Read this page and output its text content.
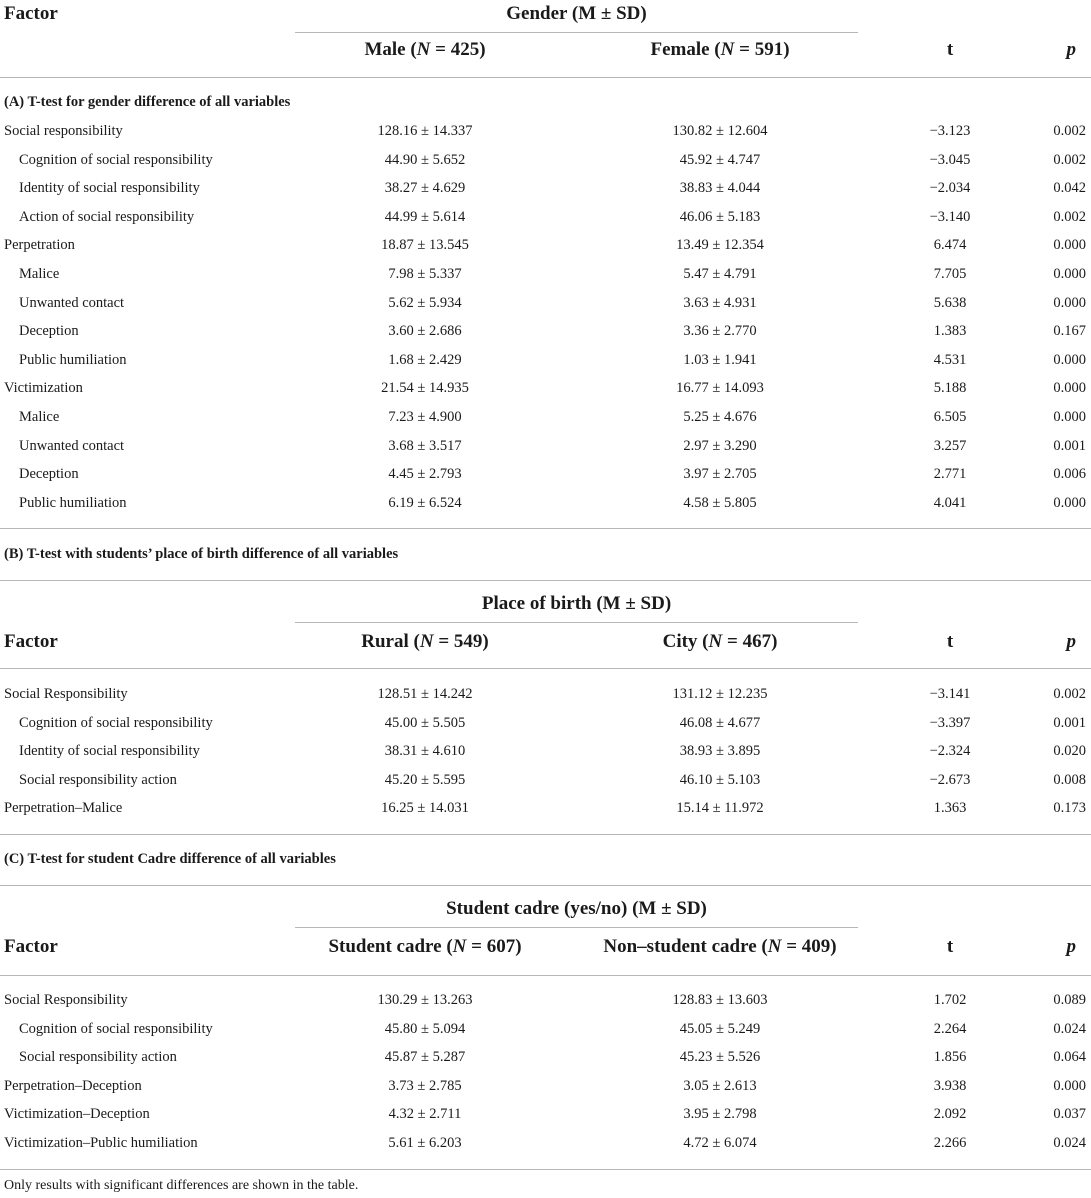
Factor	Gender (M ± SD)
Male (N = 425)	Female (N = 591)	t	p
(A) T-test for gender difference of all variables
Social responsibility	128.16 ± 14.337	130.82 ± 12.604	−3.123	0.002
Cognition of social responsibility	44.90 ± 5.652	45.92 ± 4.747	−3.045	0.002
Identity of social responsibility	38.27 ± 4.629	38.83 ± 4.044	−2.034	0.042
Action of social responsibility	44.99 ± 5.614	46.06 ± 5.183	−3.140	0.002
Perpetration	18.87 ± 13.545	13.49 ± 12.354	6.474	0.000
Malice	7.98 ± 5.337	5.47 ± 4.791	7.705	0.000
Unwanted contact	5.62 ± 5.934	3.63 ± 4.931	5.638	0.000
Deception	3.60 ± 2.686	3.36 ± 2.770	1.383	0.167
Public humiliation	1.68 ± 2.429	1.03 ± 1.941	4.531	0.000
Victimization	21.54 ± 14.935	16.77 ± 14.093	5.188	0.000
Malice	7.23 ± 4.900	5.25 ± 4.676	6.505	0.000
Unwanted contact	3.68 ± 3.517	2.97 ± 3.290	3.257	0.001
Deception	4.45 ± 2.793	3.97 ± 2.705	2.771	0.006
Public humiliation	6.19 ± 6.524	4.58 ± 5.805	4.041	0.000
(B) T-test with students’ place of birth difference of all variables
Place of birth (M ± SD)
Factor	Rural (N = 549)	City (N = 467)	t	p
Social Responsibility	128.51 ± 14.242	131.12 ± 12.235	−3.141	0.002
Cognition of social responsibility	45.00 ± 5.505	46.08 ± 4.677	−3.397	0.001
Identity of social responsibility	38.31 ± 4.610	38.93 ± 3.895	−2.324	0.020
Social responsibility action	45.20 ± 5.595	46.10 ± 5.103	−2.673	0.008
Perpetration–Malice	16.25 ± 14.031	15.14 ± 11.972	1.363	0.173
(C) T-test for student Cadre difference of all variables
Student cadre (yes/no) (M ± SD)
Factor	Student cadre (N = 607)	Non–student cadre (N = 409)	t	p
Social Responsibility	130.29 ± 13.263	128.83 ± 13.603	1.702	0.089
Cognition of social responsibility	45.80 ± 5.094	45.05 ± 5.249	2.264	0.024
Social responsibility action	45.87 ± 5.287	45.23 ± 5.526	1.856	0.064
Perpetration–Deception	3.73 ± 2.785	3.05 ± 2.613	3.938	0.000
Victimization–Deception	4.32 ± 2.711	3.95 ± 2.798	2.092	0.037
Victimization–Public humiliation	5.61 ± 6.203	4.72 ± 6.074	2.266	0.024
Only results with significant differences are shown in the table.
